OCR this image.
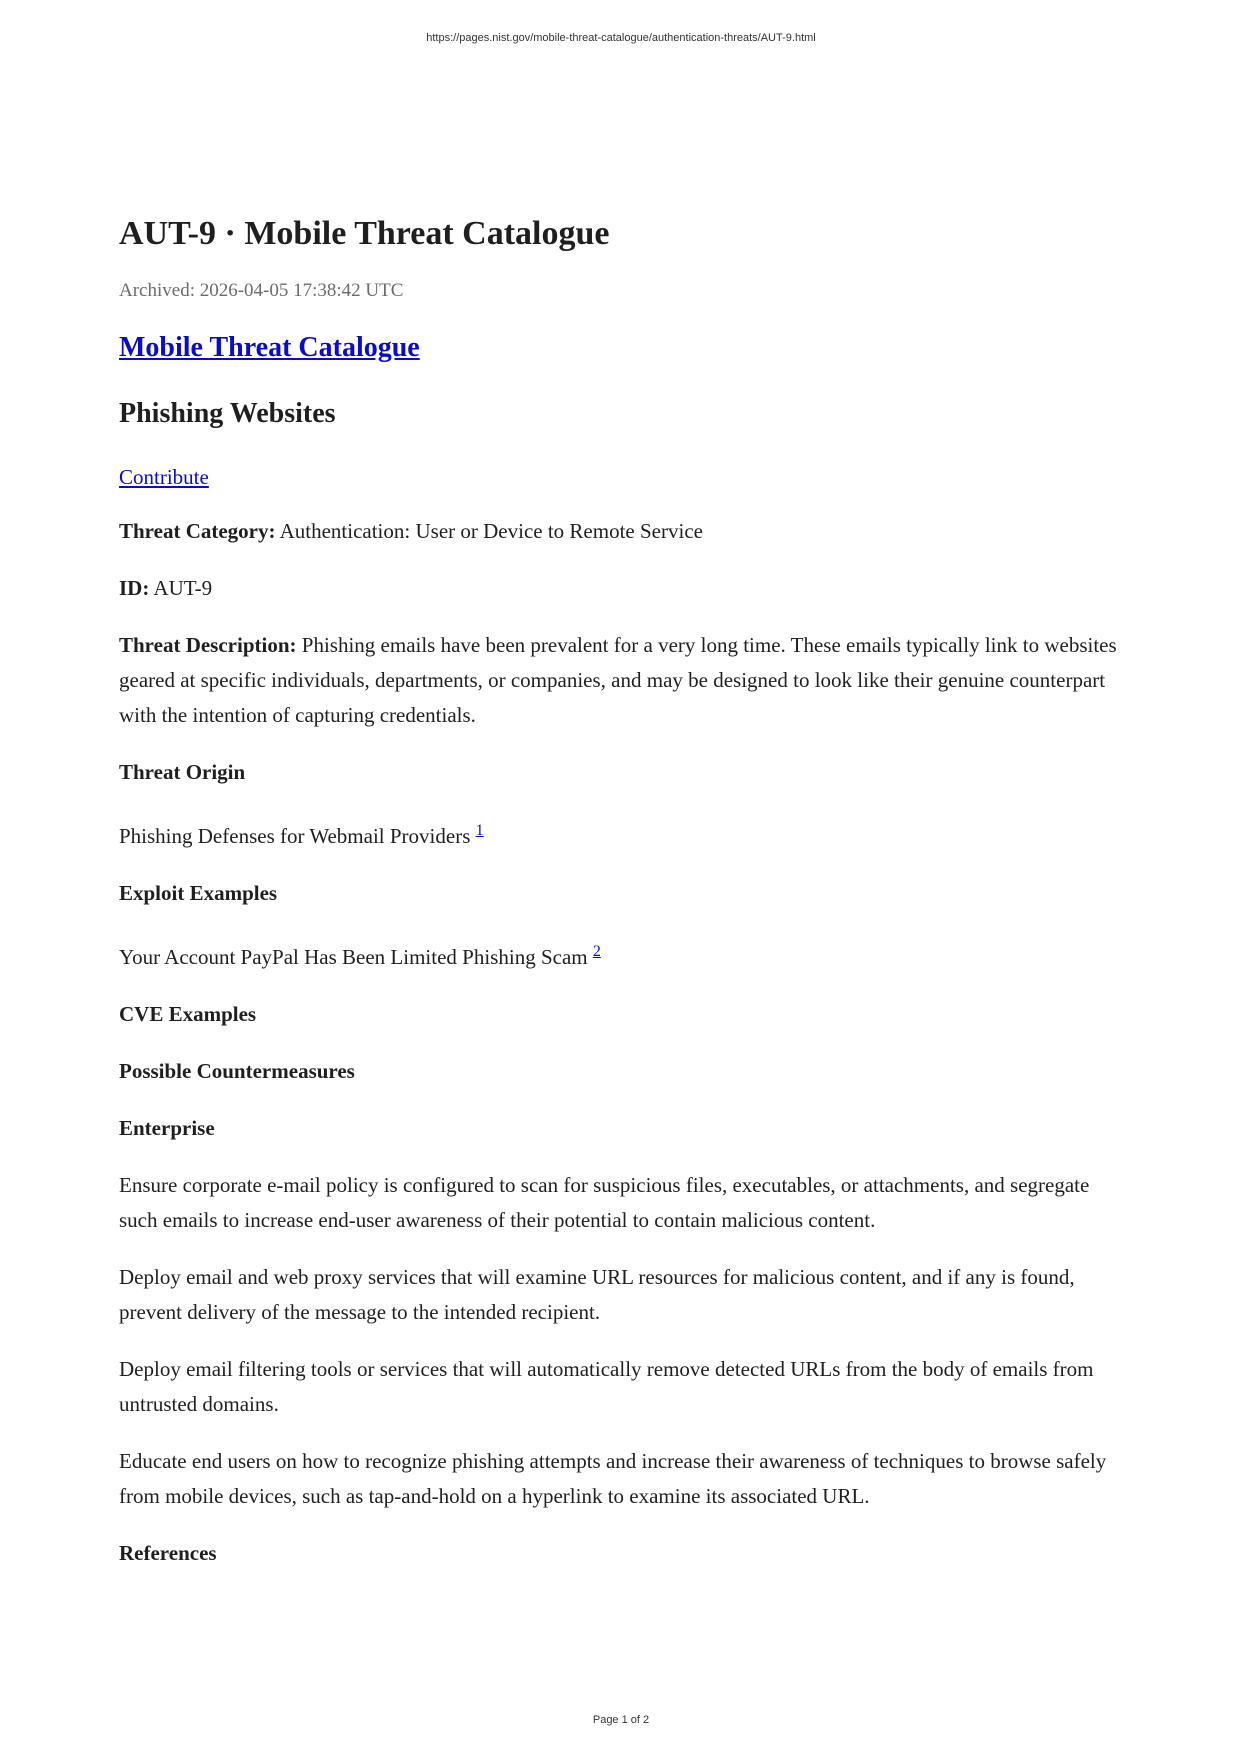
https://pages.nist.gov/mobile-threat-catalogue/authentication-threats/AUT-9.html
AUT-9 · Mobile Threat Catalogue
Archived: 2026-04-05 17:38:42 UTC
Mobile Threat Catalogue
Phishing Websites
Contribute

Threat Category: Authentication: User or Device to Remote Service

ID: AUT-9

Threat Description: Phishing emails have been prevalent for a very long time. These emails typically link to websites geared at specific individuals, departments, or companies, and may be designed to look like their genuine counterpart with the intention of capturing credentials.

Threat Origin

Phishing Defenses for Webmail Providers $^1$

Exploit Examples

Your Account PayPal Has Been Limited Phishing Scam $^2$

CVE Examples
Possible Countermeasures
Enterprise

Ensure corporate e-mail policy is configured to scan for suspicious files, executables, or attachments, and segregate such emails to increase end-user awareness of their potential to contain malicious content.

Deploy email and web proxy services that will examine URL resources for malicious content, and if any is found, prevent delivery of the message to the intended recipient.

Deploy email filtering tools or services that will automatically remove detected URLs from the body of emails from untrusted domains.

Educate end users on how to recognize phishing attempts and increase their awareness of techniques to browse safely from mobile devices, such as tap-and-hold on a hyperlink to examine its associated URL.

References
Page 1 of 2
